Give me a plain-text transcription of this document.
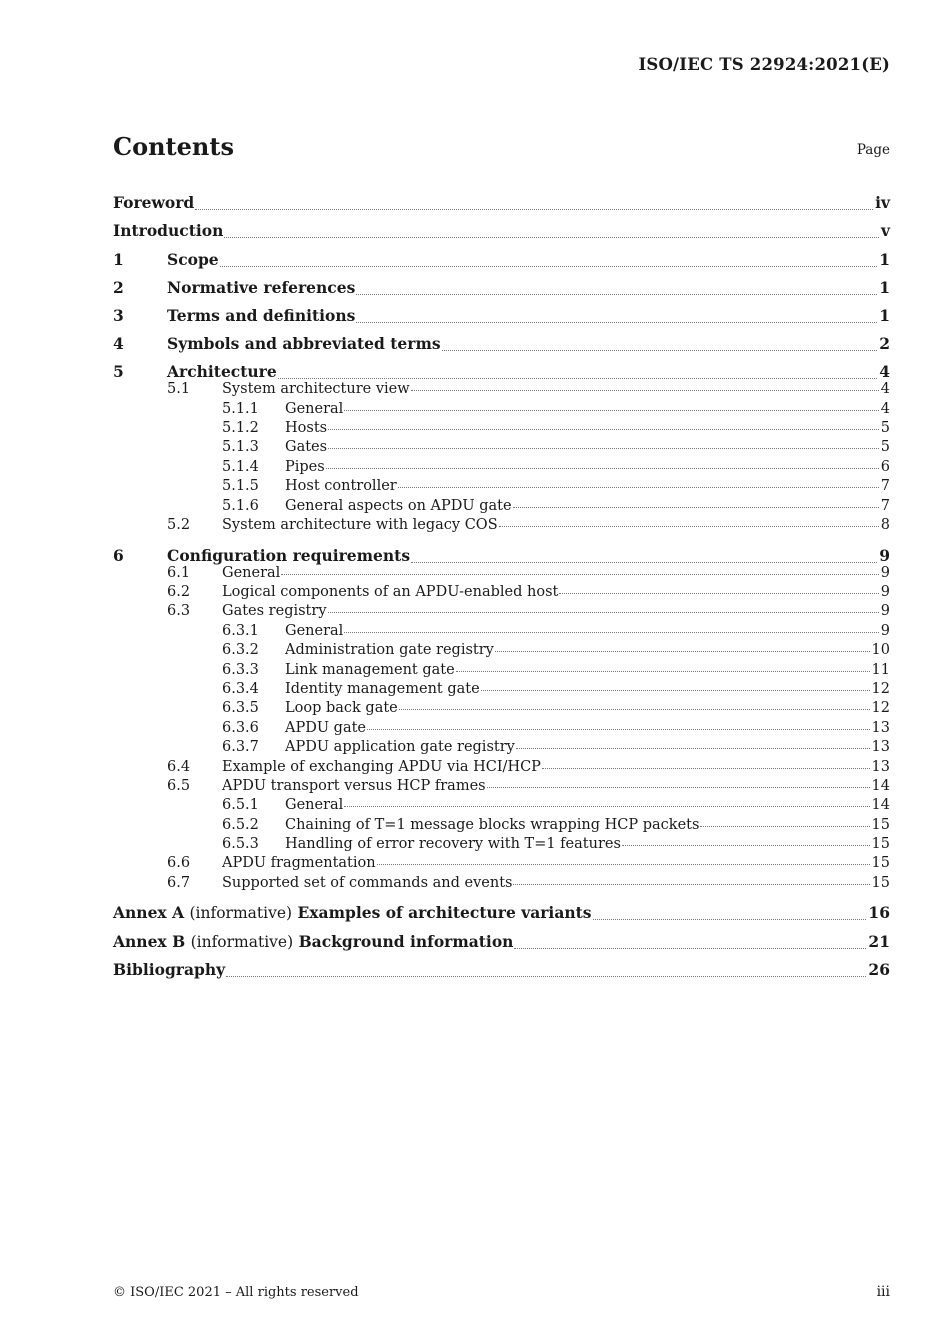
ISO/IEC TS 22924:2021(E)
Contents	Page
Foreword	iv
Introduction	v
1	Scope	1
2	Normative references	1
3	Terms and definitions	1
4	Symbols and abbreviated terms	2
5	Architecture	4
5.1	System architecture view	4
5.1.1	General	4
5.1.2	Hosts	5
5.1.3	Gates	5
5.1.4	Pipes	6
5.1.5	Host controller	7
5.1.6	General aspects on APDU gate	7
5.2	System architecture with legacy COS	8
6	Configuration requirements	9
6.1	General	9
6.2	Logical components of an APDU-enabled host	9
6.3	Gates registry	9
6.3.1	General	9
6.3.2	Administration gate registry	10
6.3.3	Link management gate	11
6.3.4	Identity management gate	12
6.3.5	Loop back gate	12
6.3.6	APDU gate	13
6.3.7	APDU application gate registry	13
6.4	Example of exchanging APDU via HCI/HCP	13
6.5	APDU transport versus HCP frames	14
6.5.1	General	14
6.5.2	Chaining of T=1 message blocks wrapping HCP packets	15
6.5.3	Handling of error recovery with T=1 features	15
6.6	APDU fragmentation	15
6.7	Supported set of commands and events	15
Annex A (informative) Examples of architecture variants	16
Annex B (informative) Background information	21
Bibliography	26
© ISO/IEC 2021 – All rights reserved	iii
